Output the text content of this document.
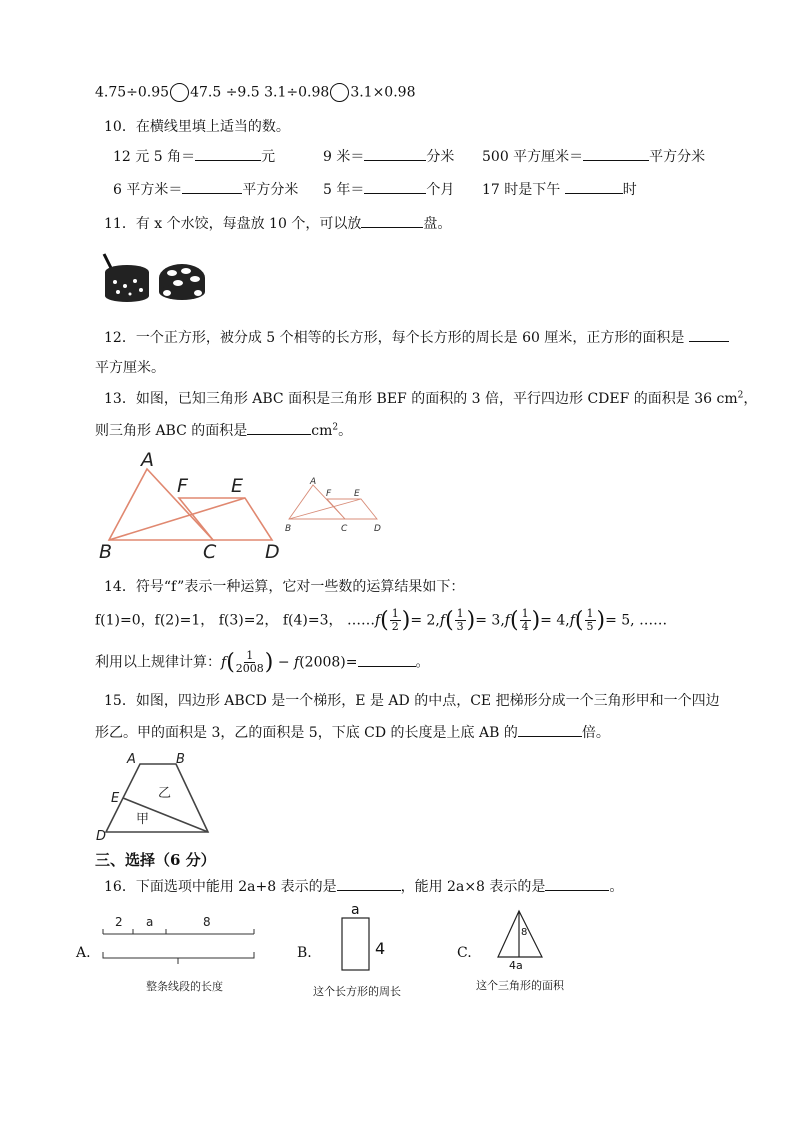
4.75÷0.95 47.5 ÷9.5 3.1÷0.98 3.1×0.98
10．在横线里填上适当的数。
12 元 5 角＝	元	9 米＝	分米 500 平方厘米＝	平方分米
6 平方米＝	平方分米 5 年＝	个月 17 时是下午	时
11．有 x 个水饺，每盘放 10 个，可以放	盘。
12．一个正方形，被分成 5 个相等的长方形，每个长方形的周长是 60 厘米，正方形的面积是
平方厘米。
13．如图，已知三角形 ABC 面积是三角形 BEF 的面积的 3 倍，平行四边形 CDEF 的面积是 36 $cm^2$，
则三角形 ABC 的面积是	$cm^2$。
A
F E
B	C	D
A
F	E
B	C	D
14．符号“f”表示一种运算，它对一些数的运算结果如下：
f(1)=0，f(2)=1， f(3)=2， f(4)=3， ……f( $\frac{1}{2}$ )= $2,f( \frac{1}{3}$ )= $3,f( \frac{1}{4}$ )= $4,f( \frac{1}{5}$ )= 5, ……
利用以上规律计算：$f( \frac{1}{2008}$ ) − f(2008)=	。
15．如图，四边形 ABCD 是一个梯形，E 是 AD 的中点，CE 把梯形分成一个三角形甲和一个四边
形乙。甲的面积是 3，乙的面积是 5，下底 CD 的长度是上底 AB 的	倍。
A	B
E
D
乙
甲
三、选择（6 分）
16．下面选项中能用 2a+8 表示的是	，能用 2a×8 表示的是	。
A.
2 a	8
整条线段的长度
B.
a
4
这个长方形的周长
C.
8
4a
这个三角形的面积
